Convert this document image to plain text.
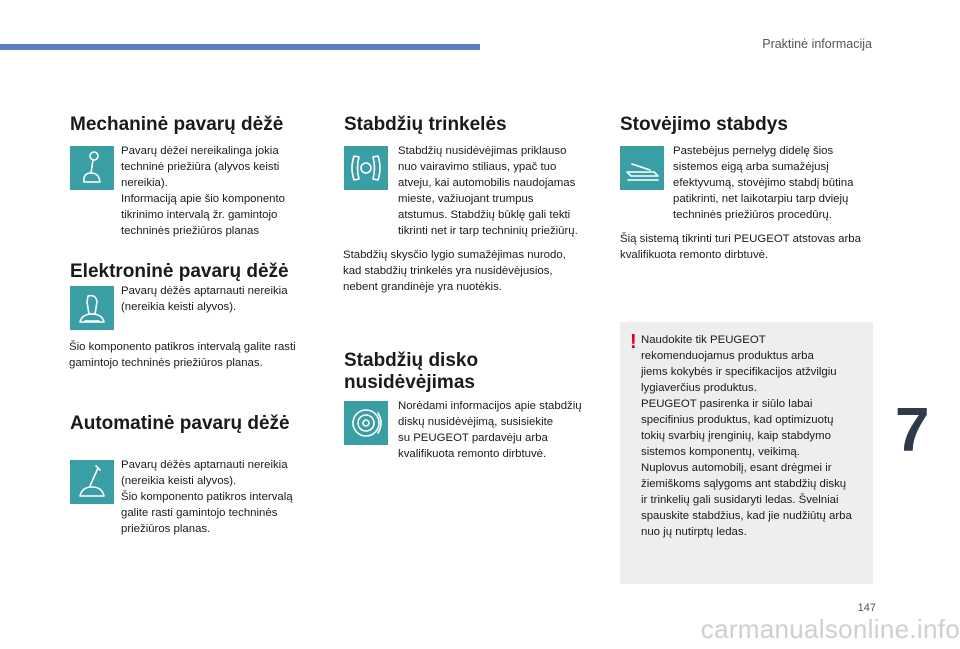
Praktinė informacija
Mechaninė pavarų dėžė
Pavarų dėžei nereikalinga jokia
techninė priežiūra (alyvos keisti
nereikia).
Informaciją apie šio komponento
tikrinimo intervalą žr. gamintojo
techninės priežiūros planas
Elektroninė pavarų dėžė
Pavarų dėžės aptarnauti nereikia
(nereikia keisti alyvos).
Šio komponento patikros intervalą galite rasti
gamintojo techninės priežiūros planas.
Automatinė pavarų dėžė
Pavarų dėžės aptarnauti nereikia
(nereikia keisti alyvos).
Šio komponento patikros intervalą
galite rasti gamintojo techninės
priežiūros planas.
Stabdžių trinkelės
Stabdžių nusidėvėjimas priklauso
nuo vairavimo stiliaus, ypač tuo
atveju, kai automobilis naudojamas
mieste, važiuojant trumpus
atstumus. Stabdžių būklę gali tekti
tikrinti net ir tarp techninių priežiūrų.
Stabdžių skysčio lygio sumažėjimas nurodo,
kad stabdžių trinkelės yra nusidėvėjusios,
nebent grandinėje yra nuotėkis.
Stabdžių disko
nusidėvėjimas
Norėdami informacijos apie stabdžių
diskų nusidėvėjimą, susisiekite
su PEUGEOT pardavėju arba
kvalifikuota remonto dirbtuvė.
Stovėjimo stabdys
Pastebėjus pernelyg didelę šios
sistemos eigą arba sumažėjusį
efektyvumą, stovėjimo stabdį būtina
patikrinti, net laikotarpiu tarp dviejų
techninės priežiūros procedūrų.
Šią sistemą tikrinti turi PEUGEOT atstovas arba
kvalifikuota remonto dirbtuvė.
! Naudokite tik PEUGEOT
rekomenduojamus produktus arba
jiems kokybės ir specifikacijos atžvilgiu
lygiaverčius produktus.
PEUGEOT pasirenka ir siūlo labai
specifinius produktus, kad optimizuotų
tokių svarbių įrenginių, kaip stabdymo
sistemos komponentų, veikimą.
Nuplovus automobilį, esant drėgmei ir
žiemiškoms sąlygoms ant stabdžių diskų
ir trinkelių gali susidaryti ledas. Švelniai
spauskite stabdžius, kad jie nudžiūtų arba
nuo jų nutirptų ledas.
7
147
carmanualsonline.info
